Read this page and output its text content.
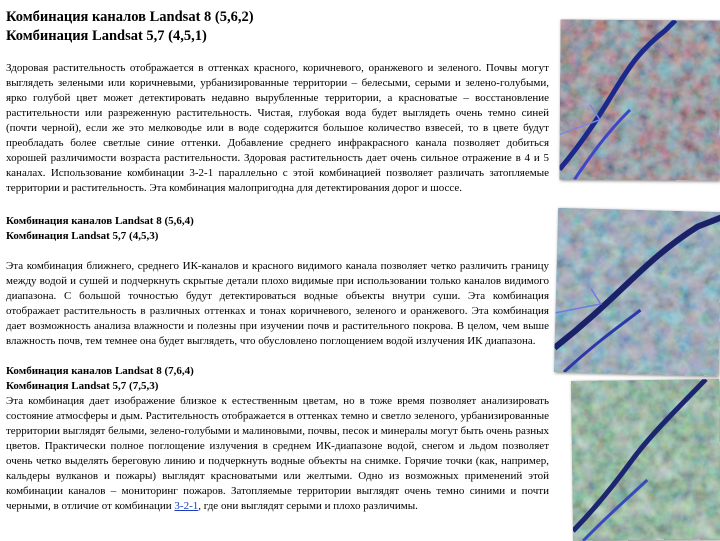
Комбинация каналов Landsat 8 (5,6,2)

Комбинация Landsat 5,7 (4,5,1)

Здоровая растительность отображается в оттенках красного, коричневого, оранжевого и зеленого. Почвы могут выглядеть зелеными или коричневыми, урбанизированные территории – белесыми, серыми и зелено-голубыми, ярко голубой цвет может детектировать недавно вырубленные территории, а красноватые – восстановление растительности или разреженную растительность. Чистая, глубокая вода будет выглядеть очень темно синей (почти черной), если же это мелководье или в воде содержится большое количество взвесей, то в цвете будут преобладать более светлые синие оттенки. Добавление среднего инфракрасного канала позволяет добиться хорошей различимости возраста растительности. Здоровая растительность дает очень сильное отражение в 4 и 5 каналах. Использование комбинации 3-2-1 параллельно с этой комбинацией позволяет различать затопляемые территории и растительность. Эта комбинация малопригодна для детектирования дорог и шоссе.

Комбинация каналов Landsat 8 (5,6,4)

Комбинация Landsat 5,7 (4,5,3)

Эта комбинация ближнего, среднего ИК-каналов и красного видимого канала позволяет четко различить границу между водой и сушей и подчеркнуть скрытые детали плохо видимые при использовании только каналов видимого диапазона. С большой точностью будут детектироваться водные объекты внутри суши. Эта комбинация отображает растительность в различных оттенках и тонах коричневого, зеленого и оранжевого. Эта комбинация дает возможность анализа влажности и полезны при изучении почв и растительного покрова. В целом, чем выше влажность почв, тем темнее она будет выглядеть, что обусловлено поглощением водой излучения ИК диапазона.

Комбинация каналов Landsat 8 (7,6,4)

Комбинация Landsat 5,7 (7,5,3)

Эта комбинация дает изображение близкое к естественным цветам, но в тоже время позволяет анализировать состояние атмосферы и дым. Растительность отображается в оттенках темно и светло зеленого, урбанизированные территории выглядят белыми, зелено-голубыми и малиновыми, почвы, песок и минералы могут быть очень разных цветов. Практически полное поглощение излучения в среднем ИК-диапазоне водой, снегом и льдом позволяет очень четко выделять береговую линию и подчеркнуть водные объекты на снимке. Горячие точки (как, например, кальдеры вулканов и пожары) выглядят красноватыми или желтыми. Одно из возможных применений этой комбинации каналов – мониторинг пожаров. Затопляемые территории выглядят очень темно синими и почти черными, в отличие от комбинации 3-2-1, где они выглядят серыми и плохо различимы.
